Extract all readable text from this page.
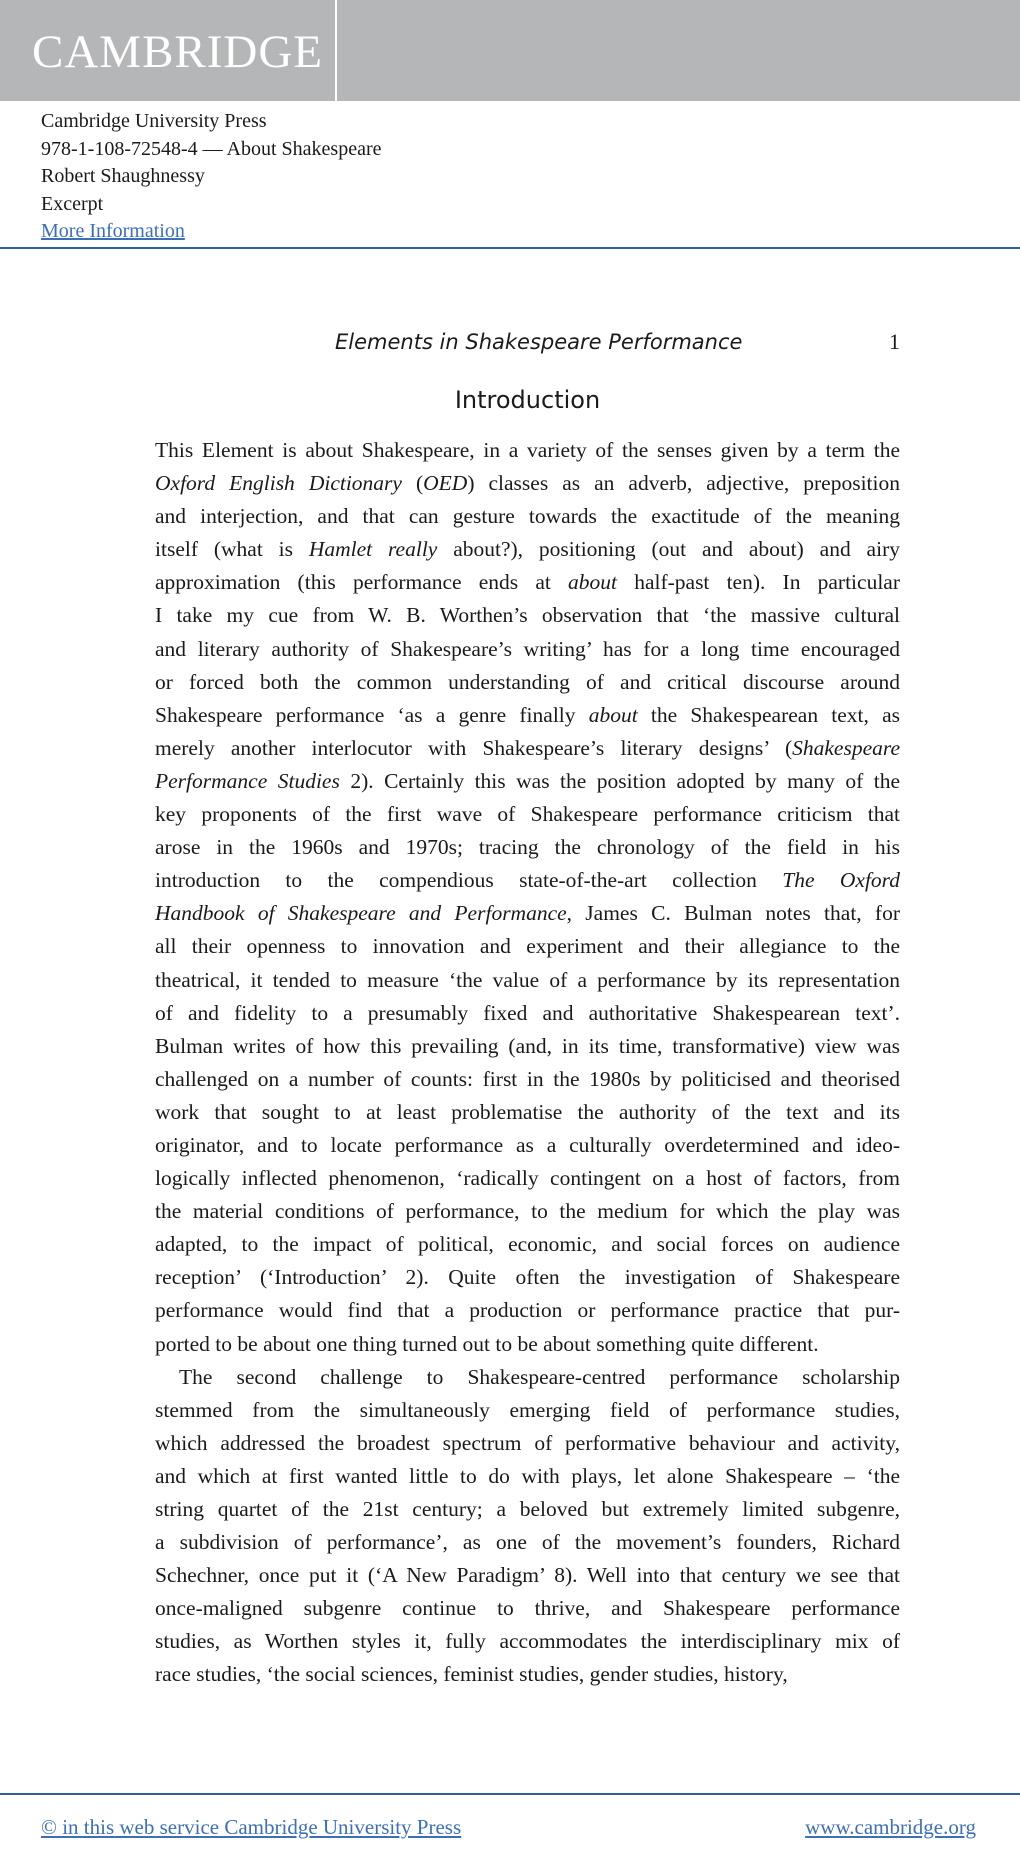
CAMBRIDGE
Cambridge University Press
978-1-108-72548-4 — About Shakespeare
Robert Shaughnessy
Excerpt
More Information
Elements in Shakespeare Performance	1
Introduction
This Element is about Shakespeare, in a variety of the senses given by a term the
Oxford English Dictionary (OED) classes as an adverb, adjective, preposition
and interjection, and that can gesture towards the exactitude of the meaning
itself (what is Hamlet really about?), positioning (out and about) and airy
approximation (this performance ends at about half-past ten). In particular
I take my cue from W. B. Worthen’s observation that ‘the massive cultural
and literary authority of Shakespeare’s writing’ has for a long time encouraged
or forced both the common understanding of and critical discourse around
Shakespeare performance ‘as a genre finally about the Shakespearean text, as
merely another interlocutor with Shakespeare’s literary designs’ (Shakespeare
Performance Studies 2). Certainly this was the position adopted by many of the
key proponents of the first wave of Shakespeare performance criticism that
arose in the 1960s and 1970s; tracing the chronology of the field in his
introduction to the compendious state-of-the-art collection The Oxford
Handbook of Shakespeare and Performance, James C. Bulman notes that, for
all their openness to innovation and experiment and their allegiance to the
theatrical, it tended to measure ‘the value of a performance by its representation
of and fidelity to a presumably fixed and authoritative Shakespearean text’.
Bulman writes of how this prevailing (and, in its time, transformative) view was
challenged on a number of counts: first in the 1980s by politicised and theorised
work that sought to at least problematise the authority of the text and its
originator, and to locate performance as a culturally overdetermined and ideo-
logically inflected phenomenon, ‘radically contingent on a host of factors, from
the material conditions of performance, to the medium for which the play was
adapted, to the impact of political, economic, and social forces on audience
reception’ (‘Introduction’ 2). Quite often the investigation of Shakespeare
performance would find that a production or performance practice that pur-
ported to be about one thing turned out to be about something quite different.
The second challenge to Shakespeare-centred performance scholarship
stemmed from the simultaneously emerging field of performance studies,
which addressed the broadest spectrum of performative behaviour and activity,
and which at first wanted little to do with plays, let alone Shakespeare – ‘the
string quartet of the 21st century; a beloved but extremely limited subgenre,
a subdivision of performance’, as one of the movement’s founders, Richard
Schechner, once put it (‘A New Paradigm’ 8). Well into that century we see that
once-maligned subgenre continue to thrive, and Shakespeare performance
studies, as Worthen styles it, fully accommodates the interdisciplinary mix of
race studies, ‘the social sciences, feminist studies, gender studies, history,
© in this web service Cambridge University Press	www.cambridge.org
